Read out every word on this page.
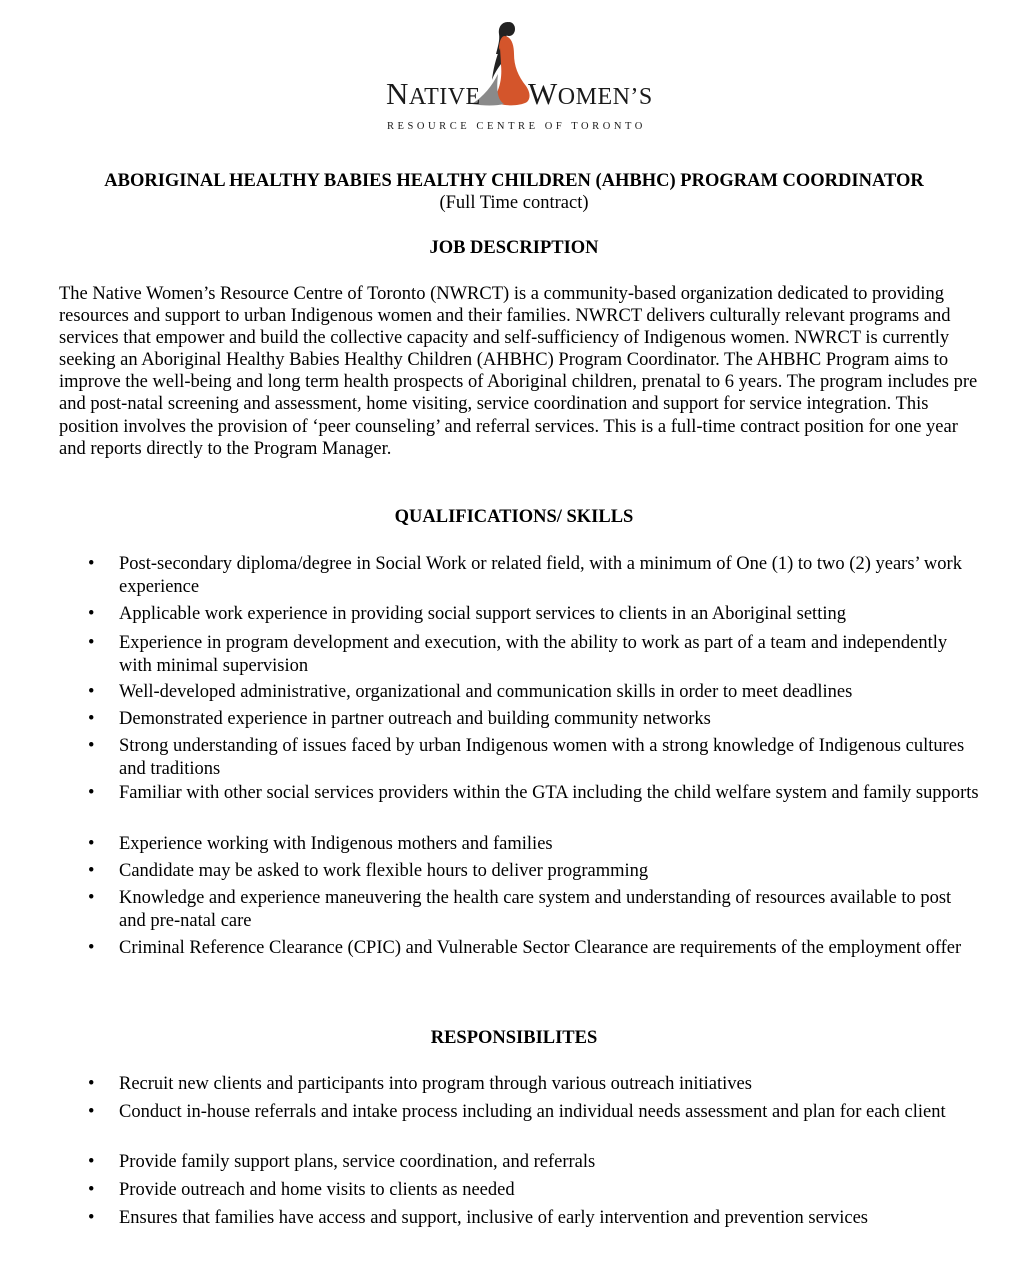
NATIVE WOMEN’S
RESOURCE CENTRE OF TORONTO
ABORIGINAL HEALTHY BABIES HEALTHY CHILDREN (AHBHC) PROGRAM COORDINATOR
(Full Time contract)
JOB DESCRIPTION
The Native Women’s Resource Centre of Toronto (NWRCT) is a community-based organization dedicated to providing resources and support to urban Indigenous women and their families. NWRCT delivers culturally relevant programs and services that empower and build the collective capacity and self-sufficiency of Indigenous women. NWRCT is currently seeking an Aboriginal Healthy Babies Healthy Children (AHBHC) Program Coordinator. The AHBHC Program aims to improve the well-being and long term health prospects of Aboriginal children, prenatal to 6 years. The program includes pre and post-natal screening and assessment, home visiting, service coordination and support for service integration. This position involves the provision of ‘peer counseling’ and referral services. This is a full-time contract position for one year and reports directly to the Program Manager.
QUALIFICATIONS/ SKILLS
• Post-secondary diploma/degree in Social Work or related field, with a minimum of One (1) to two (2) years’ work experience
• Applicable work experience in providing social support services to clients in an Aboriginal setting
• Experience in program development and execution, with the ability to work as part of a team and independently with minimal supervision
• Well-developed administrative, organizational and communication skills in order to meet deadlines
• Demonstrated experience in partner outreach and building community networks
• Strong understanding of issues faced by urban Indigenous women with a strong knowledge of Indigenous cultures and traditions
• Familiar with other social services providers within the GTA including the child welfare system and family supports
• Experience working with Indigenous mothers and families
• Candidate may be asked to work flexible hours to deliver programming
• Knowledge and experience maneuvering the health care system and understanding of resources available to post and pre-natal care
• Criminal Reference Clearance (CPIC) and Vulnerable Sector Clearance are requirements of the employment offer
RESPONSIBILITES
• Recruit new clients and participants into program through various outreach initiatives
• Conduct in-house referrals and intake process including an individual needs assessment and plan for each client
• Provide family support plans, service coordination, and referrals
• Provide outreach and home visits to clients as needed
• Ensures that families have access and support, inclusive of early intervention and prevention services
